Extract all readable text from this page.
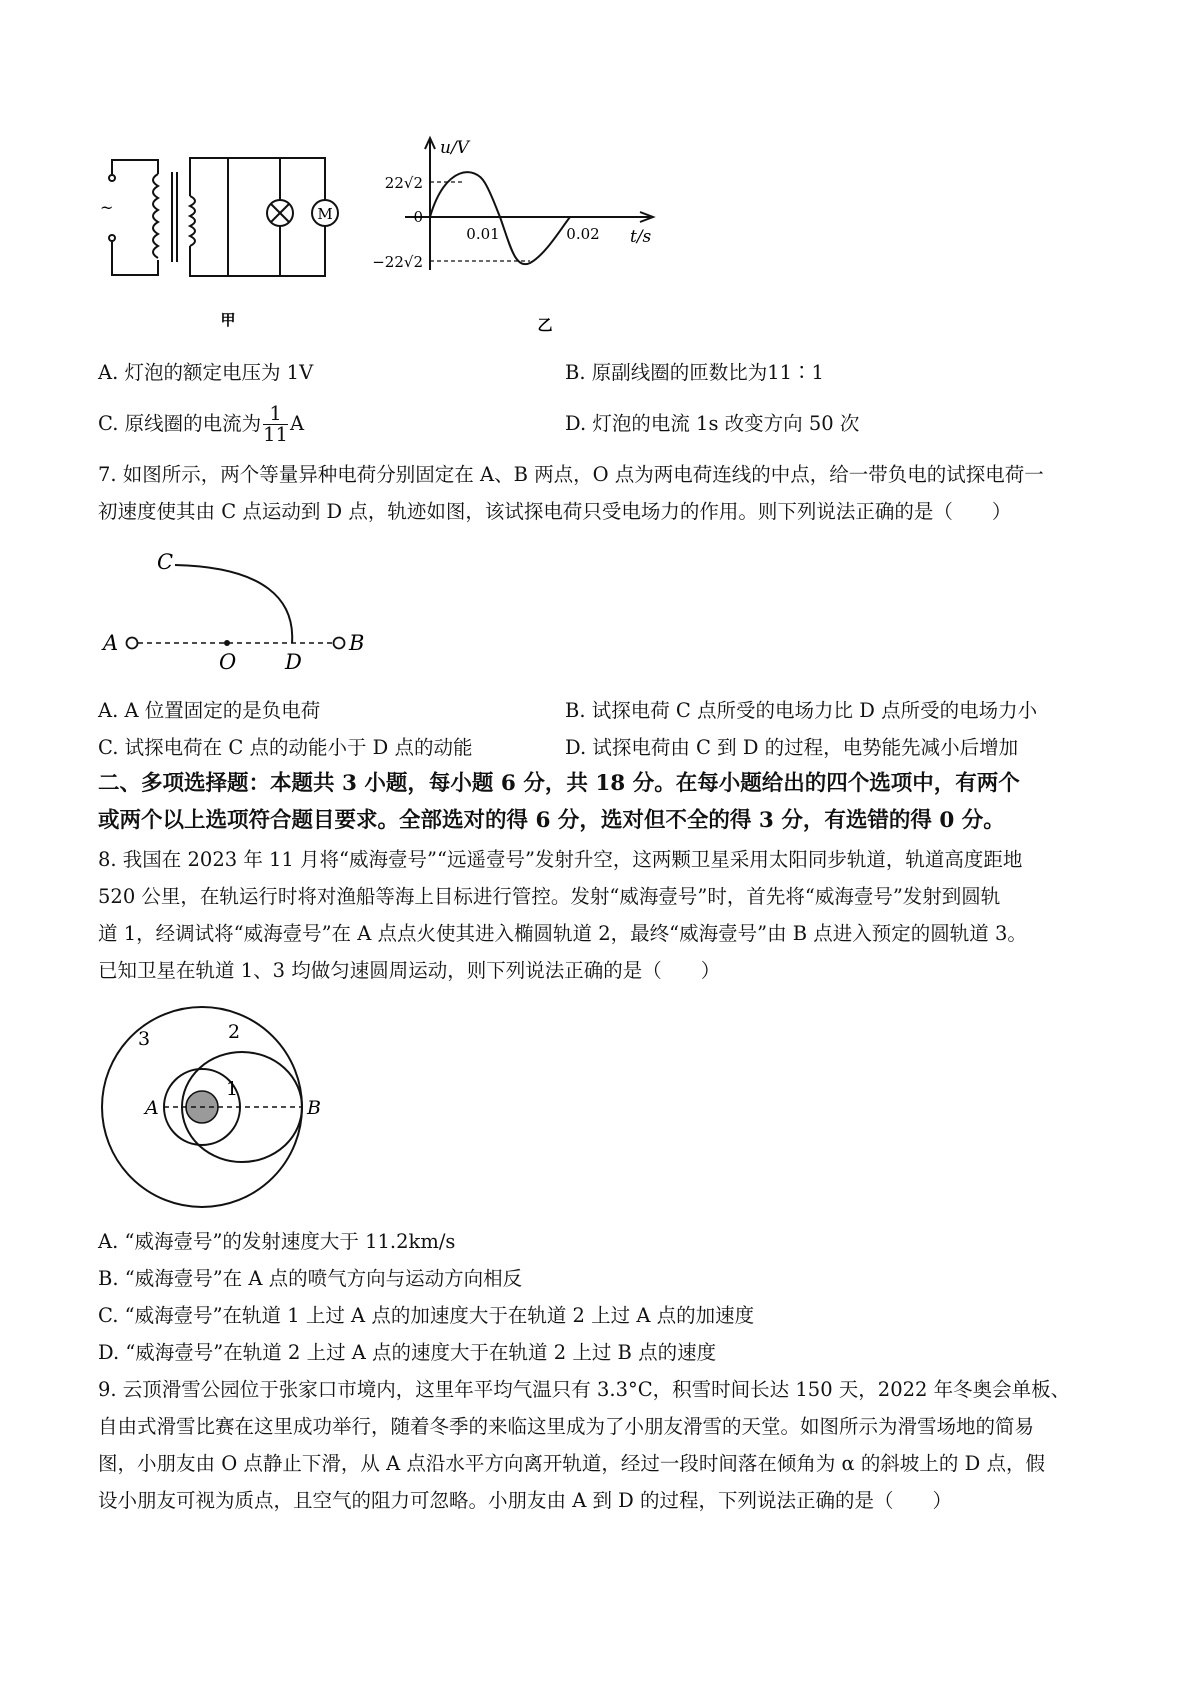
M
~
甲
u/V
22√2
0
−22√2
0.01	0.02 t/s
乙
A. 灯泡的额定电压为 1V	B. 原副线圈的匝数比为11∶1
C. 原线圈的电流为 $\frac{1}{11}$ A	D. 灯泡的电流 1s 改变方向 50 次
7. 如图所示，两个等量异种电荷分别固定在 A、B 两点，O 点为两电荷连线的中点，给一带负电的试探电荷一
初速度使其由 C 点运动到 D 点，轨迹如图，该试探电荷只受电场力的作用。则下列说法正确的是（　　）
C
A
O D
B
A. A 位置固定的是负电荷	B. 试探电荷 C 点所受的电场力比 D 点所受的电场力小
C. 试探电荷在 C 点的动能小于 D 点的动能	D. 试探电荷由 C 到 D 的过程，电势能先减小后增加
二、多项选择题：本题共 3 小题，每小题 6 分，共 18 分。在每小题给出的四个选项中，有两个
或两个以上选项符合题目要求。全部选对的得 6 分，选对但不全的得 3 分，有选错的得 0 分。
8. 我国在 2023 年 11 月将“威海壹号”“远遥壹号”发射升空，这两颗卫星采用太阳同步轨道，轨道高度距地
520 公里，在轨运行时将对渔船等海上目标进行管控。发射“威海壹号”时，首先将“威海壹号”发射到圆轨
道 1，经调试将“威海壹号”在 A 点点火使其进入椭圆轨道 2，最终“威海壹号”由 B 点进入预定的圆轨道 3。
已知卫星在轨道 1、3 均做匀速圆周运动，则下列说法正确的是（　　）
3	2
1
A	B
A. “威海壹号”的发射速度大于 11.2km/s
B. “威海壹号”在 A 点的喷气方向与运动方向相反
C. “威海壹号”在轨道 1 上过 A 点的加速度大于在轨道 2 上过 A 点的加速度
D. “威海壹号”在轨道 2 上过 A 点的速度大于在轨道 2 上过 B 点的速度
9. 云顶滑雪公园位于张家口市境内，这里年平均气温只有 3.3°C，积雪时间长达 150 天，2022 年冬奥会单板、
自由式滑雪比赛在这里成功举行，随着冬季的来临这里成为了小朋友滑雪的天堂。如图所示为滑雪场地的简易
图，小朋友由 O 点静止下滑，从 A 点沿水平方向离开轨道，经过一段时间落在倾角为 α 的斜坡上的 D 点，假
设小朋友可视为质点，且空气的阻力可忽略。小朋友由 A 到 D 的过程，下列说法正确的是（　　）
